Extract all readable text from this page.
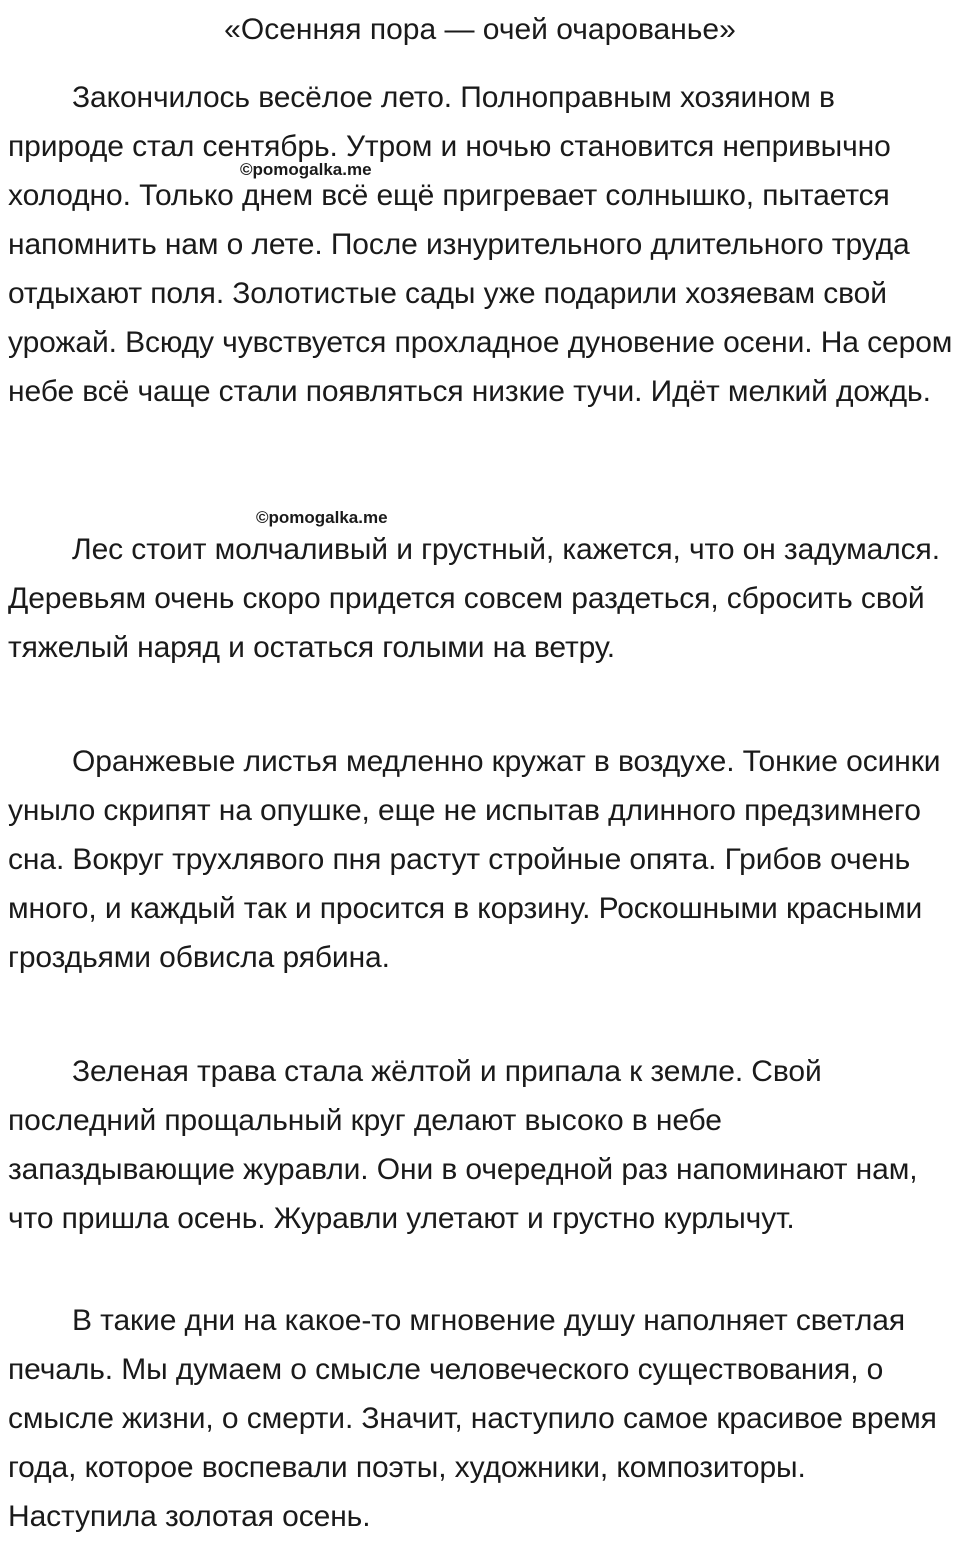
«Осенняя пора — очей очарованье»

Закончилось весёлое лето. Полноправным хозяином в природе стал сентябрь. Утром и ночью становится непривычно холодно. Только днем всё ещё пригревает солнышко, пытается напомнить нам о лете. После изнурительного длительного труда отдыхают поля. Золотистые сады уже подарили хозяевам свой урожай. Всюду чувствуется прохладное дуновение осени. На сером небе всё чаще стали появляться низкие тучи. Идёт мелкий дождь.

Лес стоит молчаливый и грустный, кажется, что он задумался. Деревьям очень скоро придется совсем раздеться, сбросить свой тяжелый наряд и остаться голыми на ветру.

Оранжевые листья медленно кружат в воздухе. Тонкие осинки уныло скрипят на опушке, еще не испытав длинного предзимнего сна. Вокруг трухлявого пня растут стройные опята. Грибов очень много, и каждый так и просится в корзину. Роскошными красными гроздьями обвисла рябина.

Зеленая трава стала жёлтой и припала к земле. Свой последний прощальный круг делают высоко в небе запаздывающие журавли. Они в очередной раз напоминают нам, что пришла осень. Журавли улетают и грустно курлычут.

В такие дни на какое-то мгновение душу наполняет светлая печаль. Мы думаем о смысле человеческого существования, о смысле жизни, о смерти. Значит, наступило самое красивое время года, которое воспевали поэты, художники, композиторы. Наступила золотая осень.

©pomogalka.me
©pomogalka.me
